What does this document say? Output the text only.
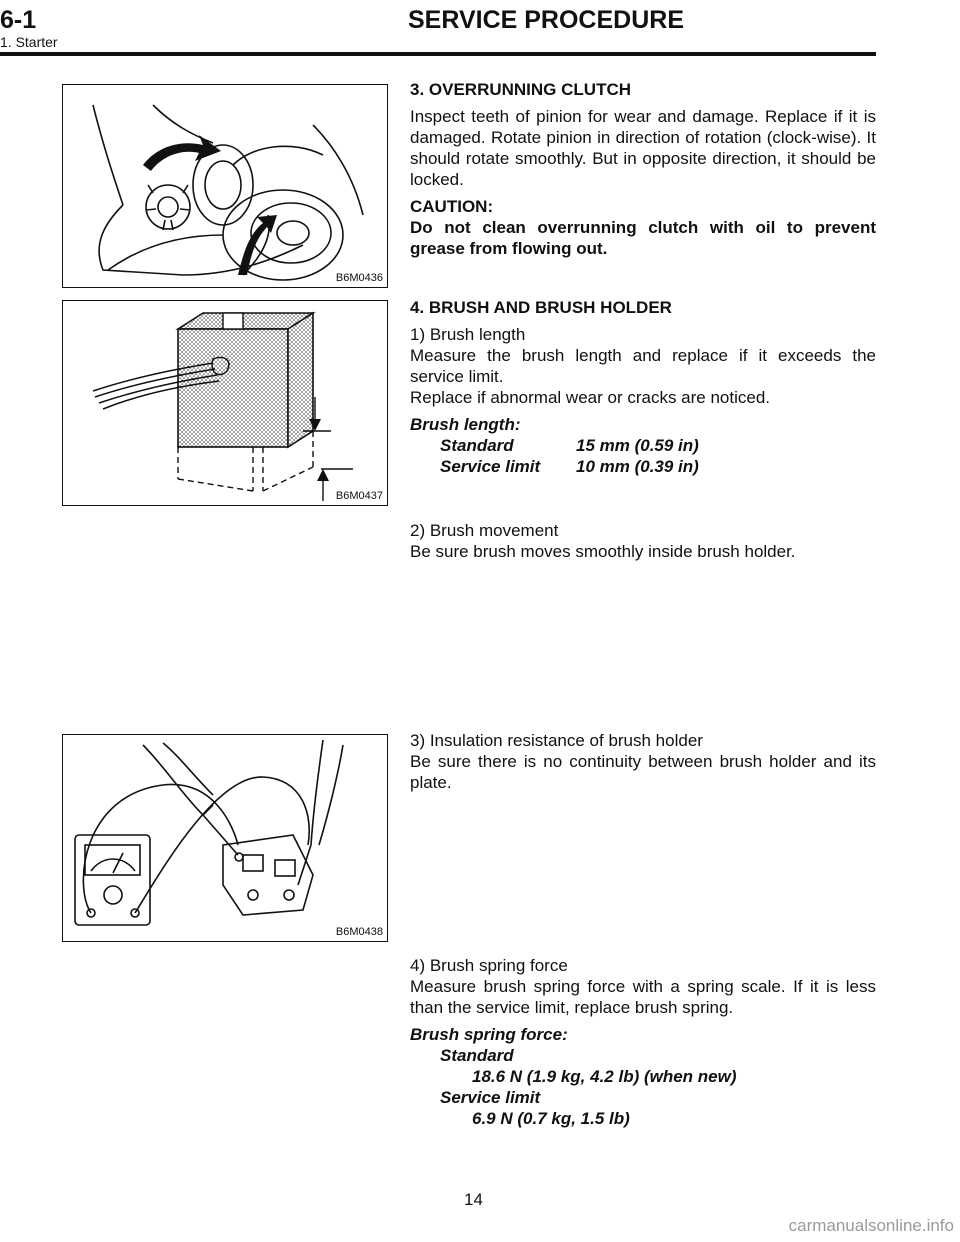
6-1	SERVICE PROCEDURE
1. Starter
B6M0436
B6M0437
B6M0438

3. OVERRUNNING CLUTCH

Inspect teeth of pinion for wear and damage. Replace if it is damaged. Rotate pinion in direction of rotation (clock-wise). It should rotate smoothly. But in opposite direction, it should be locked.

CAUTION:

Do not clean overrunning clutch with oil to prevent grease from flowing out.

4. BRUSH AND BRUSH HOLDER

1) Brush length

Measure the brush length and replace if it exceeds the service limit.

Replace if abnormal wear or cracks are noticed.

Brush length:

Standard	15 mm (0.59 in)
Service limit	10 mm (0.39 in)

2) Brush movement

Be sure brush moves smoothly inside brush holder.

3) Insulation resistance of brush holder

Be sure there is no continuity between brush holder and its plate.

4) Brush spring force

Measure brush spring force with a spring scale. If it is less than the service limit, replace brush spring.

Brush spring force:

Standard

18.6 N (1.9 kg, 4.2 lb) (when new)

Service limit

6.9 N (0.7 kg, 1.5 lb)

14
carmanualsonline.info
